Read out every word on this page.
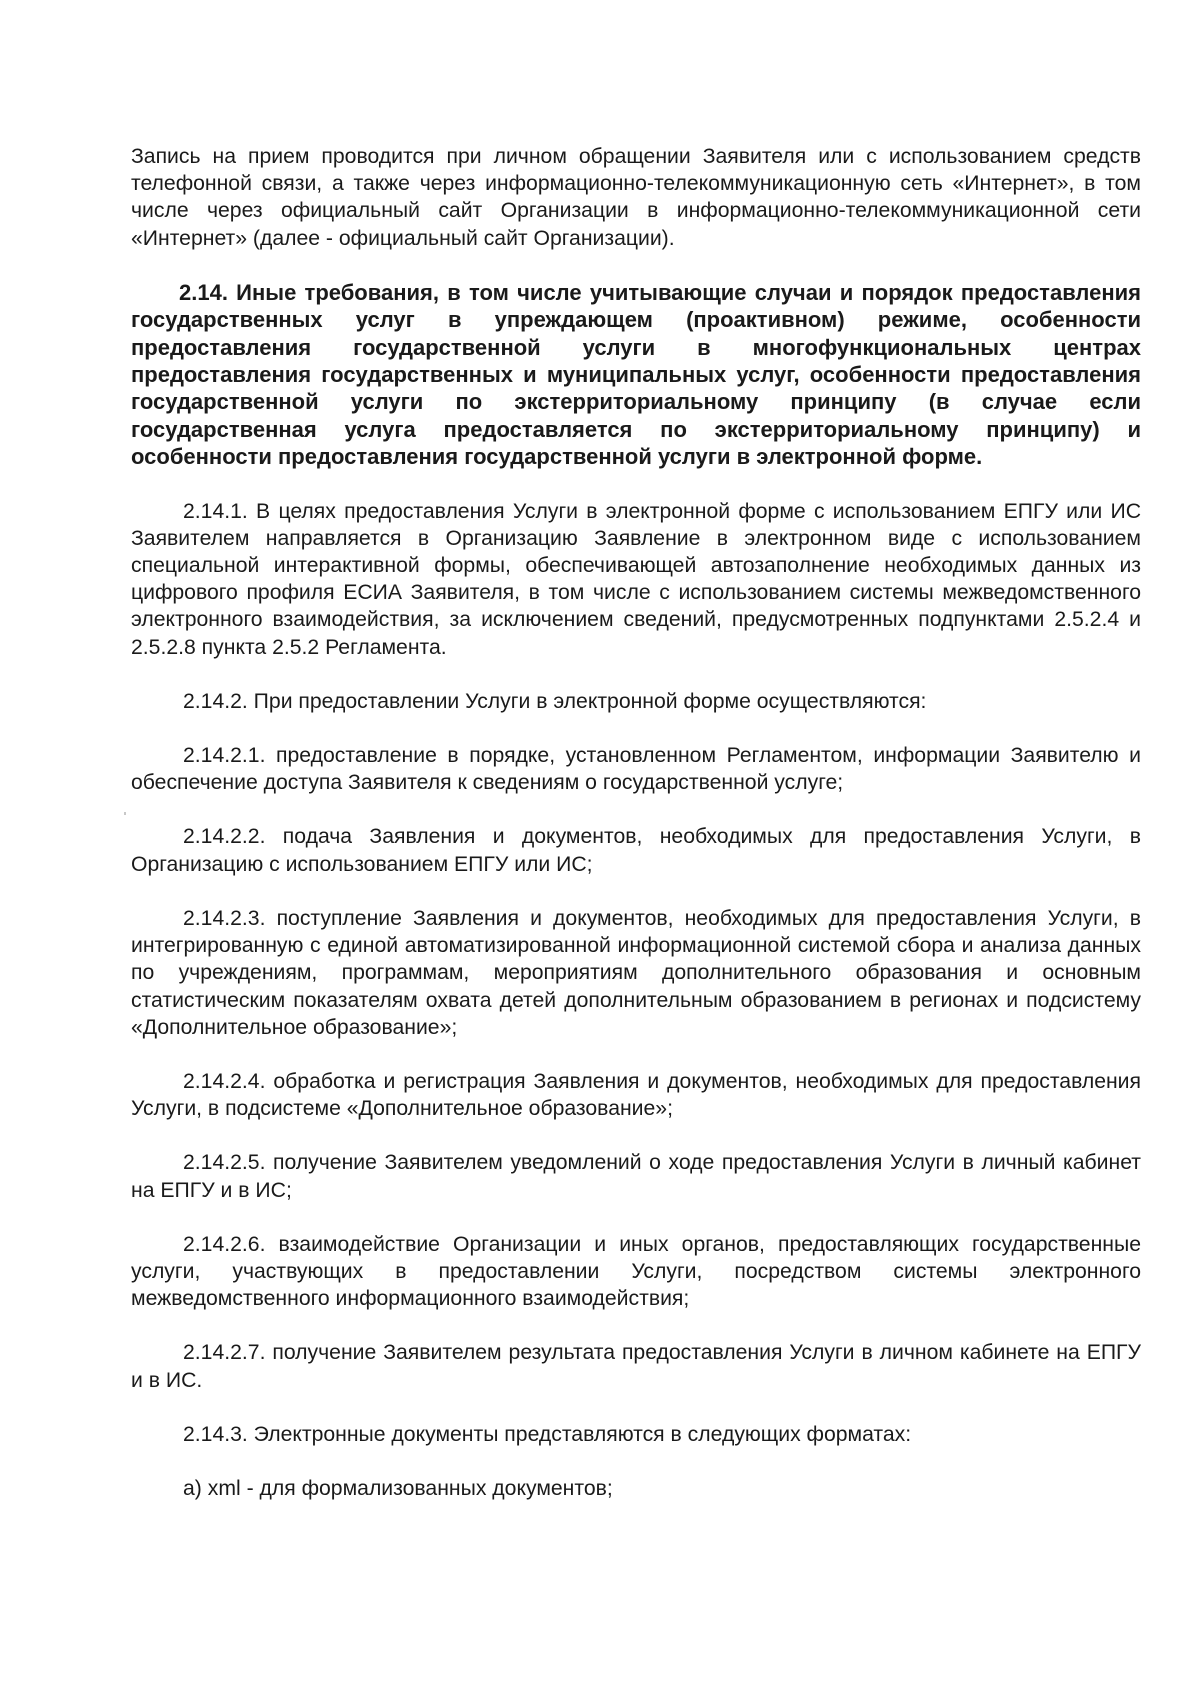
Запись на прием проводится при личном обращении Заявителя или с использованием средств телефонной связи, а также через информационно-телекоммуникационную сеть «Интернет», в том числе через официальный сайт Организации в информационно-телекоммуникационной сети «Интернет» (далее - официальный сайт Организации).

2.14. Иные требования, в том числе учитывающие случаи и порядок предоставления государственных услуг в упреждающем (проактивном) режиме, особенности предоставления государственной услуги в многофункциональных центрах предоставления государственных и муниципальных услуг, особенности предоставления государственной услуги по экстерриториальному принципу (в случае если государственная услуга предоставляется по экстерриториальному принципу) и особенности предоставления государственной услуги в электронной форме.

2.14.1. В целях предоставления Услуги в электронной форме с использованием ЕПГУ или ИС Заявителем направляется в Организацию Заявление в электронном виде с использованием специальной интерактивной формы, обеспечивающей автозаполнение необходимых данных из цифрового профиля ЕСИА Заявителя, в том числе с использованием системы межведомственного электронного взаимодействия, за исключением сведений, предусмотренных подпунктами 2.5.2.4 и 2.5.2.8 пункта 2.5.2 Регламента.

2.14.2. При предоставлении Услуги в электронной форме осуществляются:

2.14.2.1. предоставление в порядке, установленном Регламентом, информации Заявителю и обеспечение доступа Заявителя к сведениям о государственной услуге;

2.14.2.2. подача Заявления и документов, необходимых для предоставления Услуги, в Организацию с использованием ЕПГУ или ИС;

2.14.2.3. поступление Заявления и документов, необходимых для предоставления Услуги, в интегрированную с единой автоматизированной информационной системой сбора и анализа данных по учреждениям, программам, мероприятиям дополнительного образования и основным статистическим показателям охвата детей дополнительным образованием в регионах и подсистему «Дополнительное образование»;

2.14.2.4. обработка и регистрация Заявления и документов, необходимых для предоставления Услуги, в подсистеме «Дополнительное образование»;

2.14.2.5. получение Заявителем уведомлений о ходе предоставления Услуги в личный кабинет на ЕПГУ и в ИС;

2.14.2.6. взаимодействие Организации и иных органов, предоставляющих государственные услуги, участвующих в предоставлении Услуги, посредством системы электронного межведомственного информационного взаимодействия;

2.14.2.7. получение Заявителем результата предоставления Услуги в личном кабинете на ЕПГУ и в ИС.

2.14.3. Электронные документы представляются в следующих форматах:

а) xml - для формализованных документов;
